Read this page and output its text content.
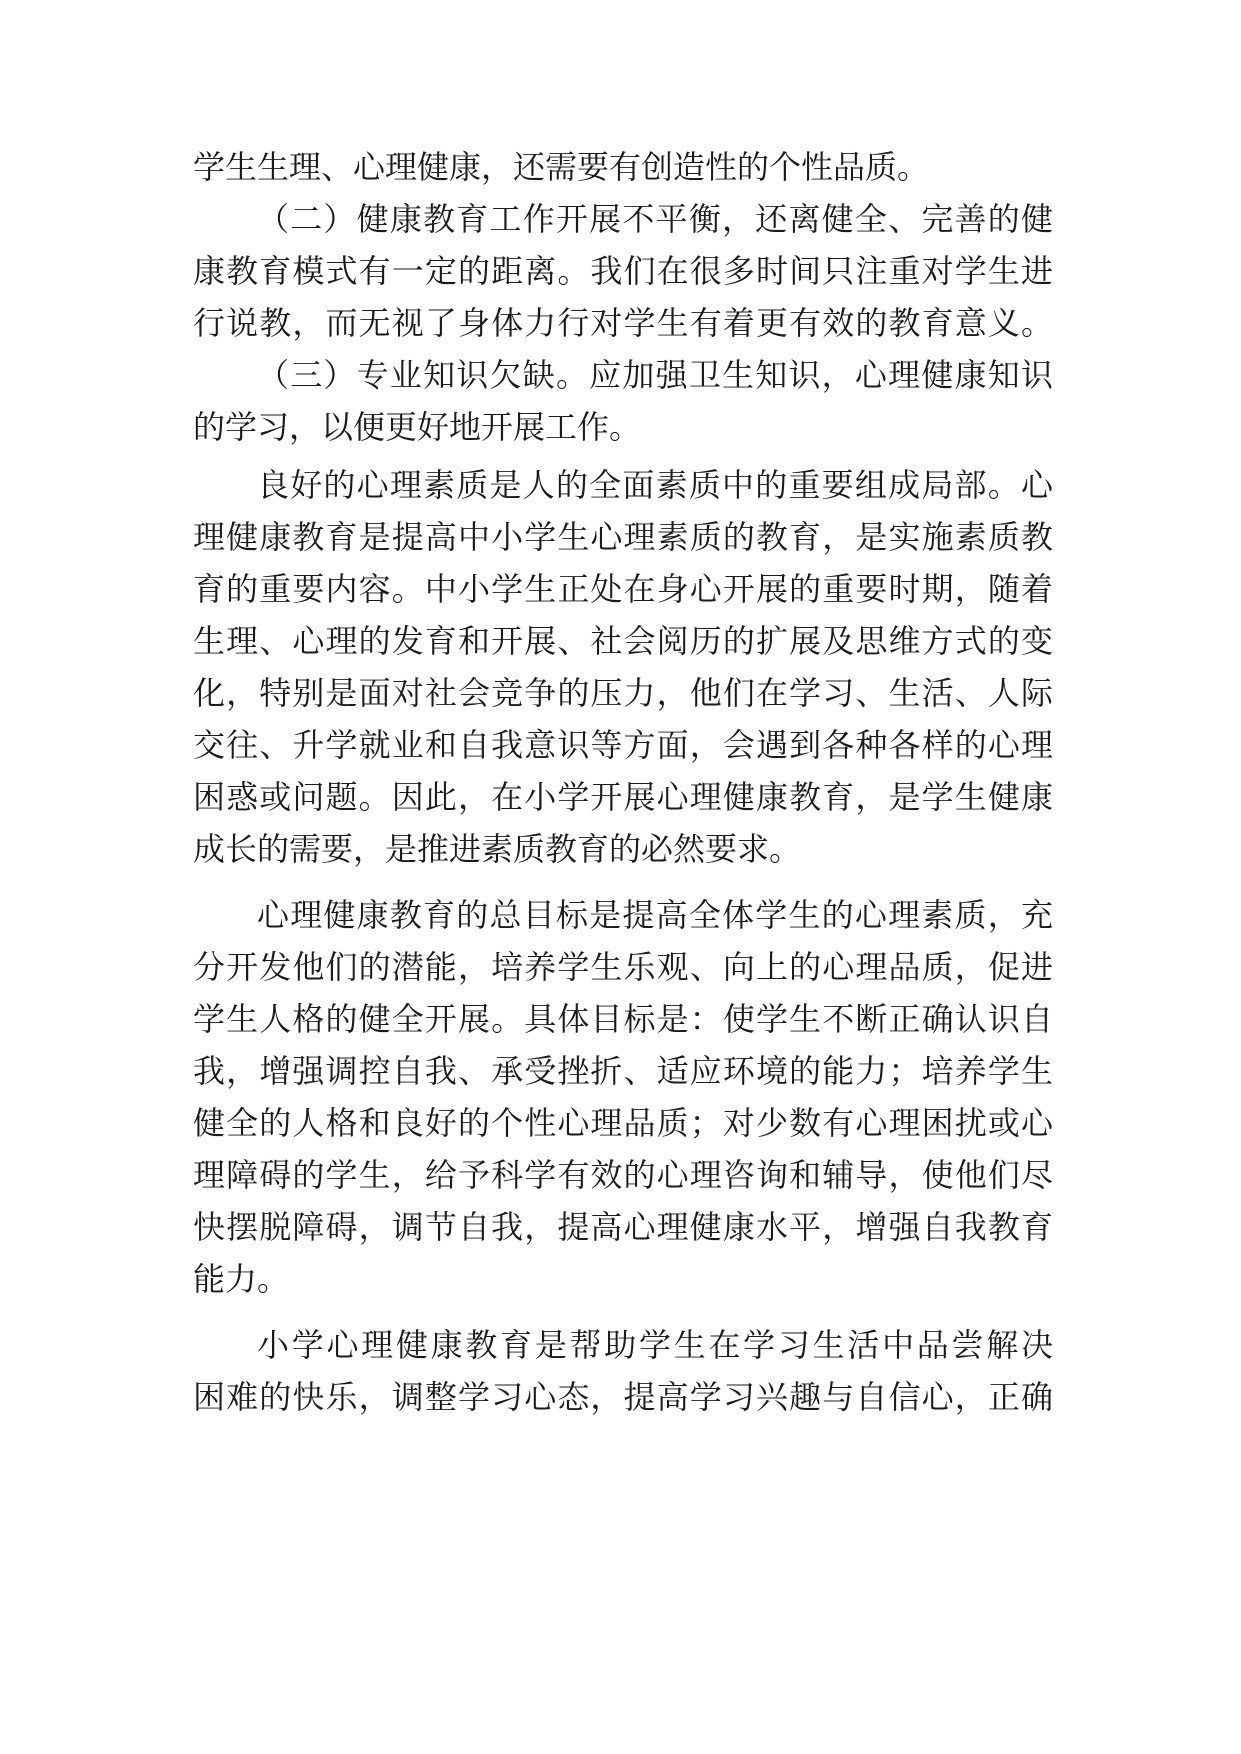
学生生理、心理健康，还需要有创造性的个性品质。
（二）健康教育工作开展不平衡，还离健全、完善的健
康教育模式有一定的距离。我们在很多时间只注重对学生进
行说教，而无视了身体力行对学生有着更有效的教育意义。
（三）专业知识欠缺。应加强卫生知识，心理健康知识
的学习，以便更好地开展工作。
良好的心理素质是人的全面素质中的重要组成局部。心
理健康教育是提高中小学生心理素质的教育，是实施素质教
育的重要内容。中小学生正处在身心开展的重要时期，随着
生理、心理的发育和开展、社会阅历的扩展及思维方式的变
化，特别是面对社会竞争的压力，他们在学习、生活、人际
交往、升学就业和自我意识等方面，会遇到各种各样的心理
困惑或问题。因此，在小学开展心理健康教育，是学生健康
成长的需要，是推进素质教育的必然要求。
心理健康教育的总目标是提高全体学生的心理素质，充
分开发他们的潜能，培养学生乐观、向上的心理品质，促进
学生人格的健全开展。具体目标是：使学生不断正确认识自
我，增强调控自我、承受挫折、适应环境的能力；培养学生
健全的人格和良好的个性心理品质；对少数有心理困扰或心
理障碍的学生，给予科学有效的心理咨询和辅导，使他们尽
快摆脱障碍，调节自我，提高心理健康水平，增强自我教育
能力。
小学心理健康教育是帮助学生在学习生活中品尝解决
困难的快乐，调整学习心态，提高学习兴趣与自信心，正确
